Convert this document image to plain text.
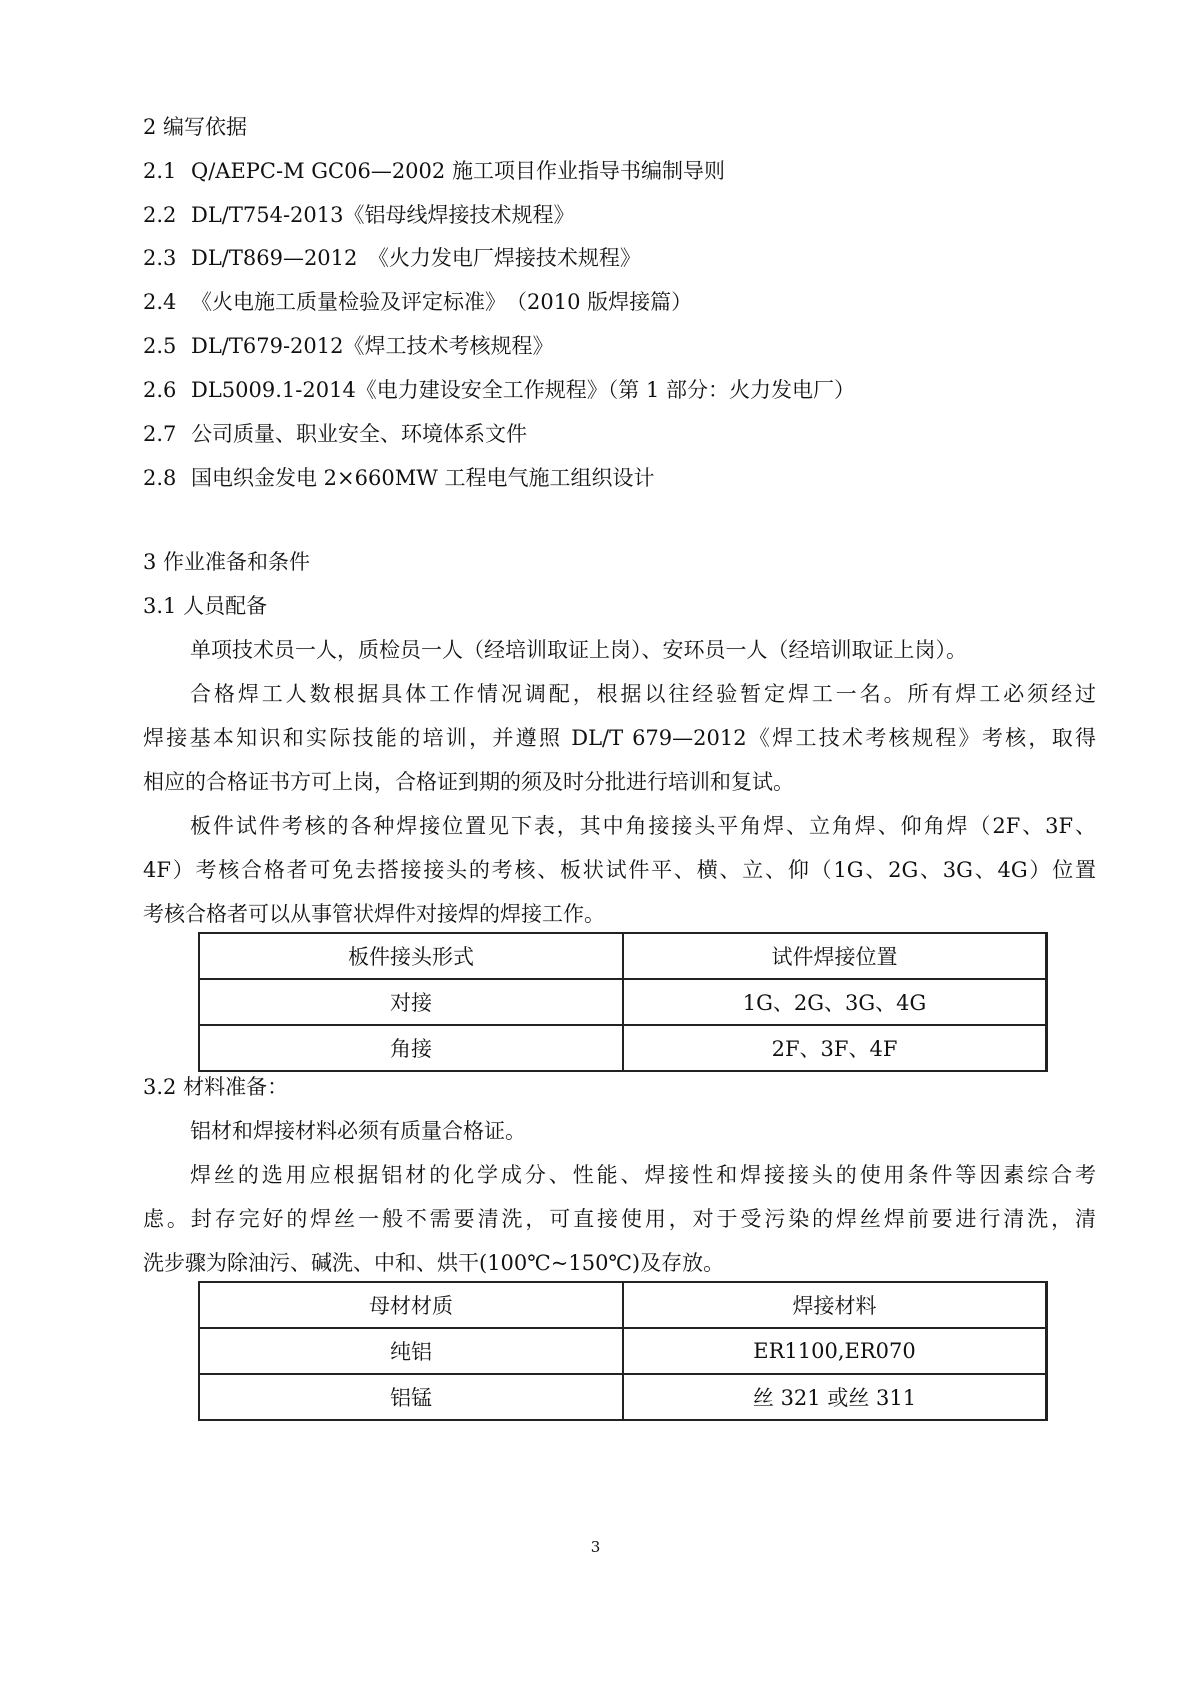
2 编写依据

2.1 Q/AEPC-M GC06—2002 施工项目作业指导书编制导则

2.2 DL/T754-2013《铝母线焊接技术规程》

2.3 DL/T869—2012　《火力发电厂焊接技术规程》

2.4 《火电施工质量检验及评定标准》　（2010 版焊接篇）

2.5 DL/T679-2012《焊工技术考核规程》

2.6 DL5009.1-2014《电力建设安全工作规程》（第 1 部分：火力发电厂）

2.7 公司质量、职业安全、环境体系文件

2.8 国电织金发电 2×660MW 工程电气施工组织设计

3 作业准备和条件

3.1 人员配备

单项技术员一人，质检员一人（经培训取证上岗）、安环员一人（经培训取证上岗）。

合格焊工人数根据具体工作情况调配，根据以往经验暂定焊工一名。所有焊工必须经过

焊接基本知识和实际技能的培训，并遵照 DL/T 679—2012《焊工技术考核规程》考核，取得

相应的合格证书方可上岗，合格证到期的须及时分批进行培训和复试。

板件试件考核的各种焊接位置见下表，其中角接接头平角焊、立角焊、仰角焊（2F、3F、

4F）考核合格者可免去搭接接头的考核、板状试件平、横、立、仰（1G、2G、3G、4G）位置

考核合格者可以从事管状焊件对接焊的焊接工作。

板件接头形式	试件焊接位置
对接	1G、2G、3G、4G
角接	2F、3F、4F

3.2 材料准备：

铝材和焊接材料必须有质量合格证。

焊丝的选用应根据铝材的化学成分、性能、焊接性和焊接接头的使用条件等因素综合考

虑。封存完好的焊丝一般不需要清洗，可直接使用，对于受污染的焊丝焊前要进行清洗，清

洗步骤为除油污、碱洗、中和、烘干(100℃~150℃)及存放。

母材材质	焊接材料
纯铝	ER1100,ER070
铝锰	丝 321 或丝 311
3
